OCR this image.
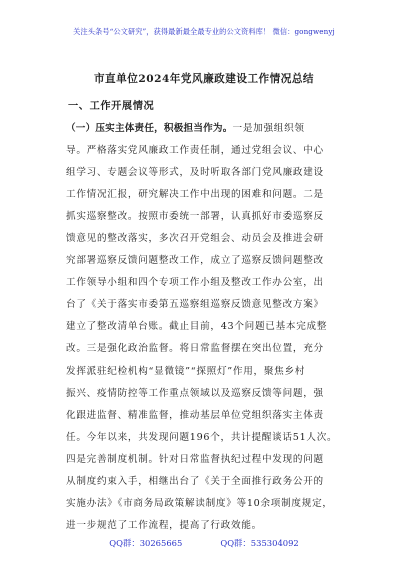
关注头条号“公文研究”，获得最新最全最专业的公文资料库！ 微信：gongwenyj
市直单位2024年党风廉政建设工作情况总结
一、工作开展情况
（一）压实主体责任，积极担当作为。一是加强组织领
导。严格落实党风廉政工作责任制，通过党组会议、中心
组学习、专题会议等形式，及时听取各部门党风廉政建设
工作情况汇报，研究解决工作中出现的困难和问题。二是
抓实巡察整改。按照市委统一部署，认真抓好市委巡察反
馈意见的整改落实，多次召开党组会、动员会及推进会研
究部署巡察反馈问题整改工作，成立了巡察反馈问题整改
工作领导小组和四个专项工作小组及整改工作办公室，出
台了《关于落实市委第五巡察组巡察反馈意见整改方案》
建立了整改清单台账。截止目前，43个问题已基本完成整
改。三是强化政治监督。将日常监督摆在突出位置，充分
发挥派驻纪检机构“显微镜”“探照灯”作用，聚焦乡村
振兴、疫情防控等工作重点领域以及巡察反馈等问题，强
化跟进监督、精准监督，推动基层单位党组织落实主体责
任。今年以来，共发现问题196个，共计提醒谈话51人次。
四是完善制度机制。针对日常监督执纪过程中发现的问题
从制度约束入手，相继出台了《关于全面推行政务公开的
实施办法》《市商务局政策解读制度》等10余项制度规定，
进一步规范了工作流程，提高了行政效能。
QQ群：30265665	QQ群：535304092
